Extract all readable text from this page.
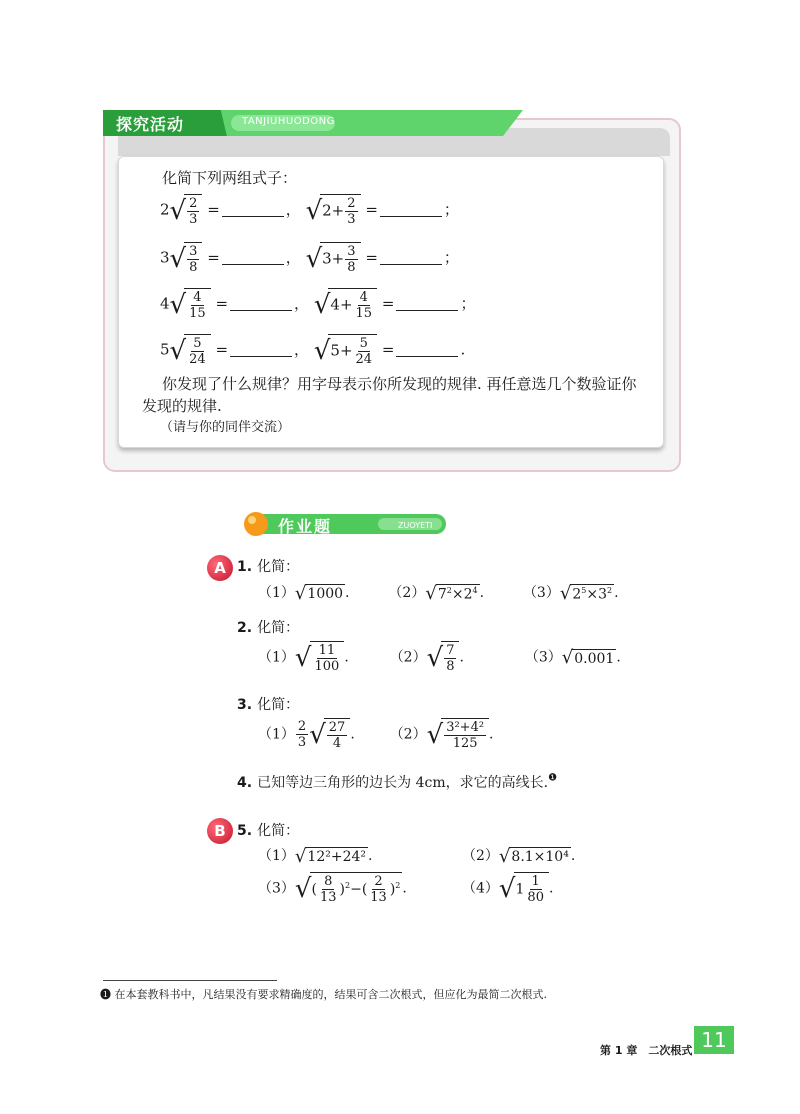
探究活动	TANJIUHUODONG
化简下列两组式子：
$2√ \frac{2}{3}$ =	， $√2+ \frac{2}{3}$ =	；
$3√ \frac{3}{8}$ =	， $√3+ \frac{3}{8}$ =	；
$4√ \frac{4}{15}$ =	， $√4+ \frac{4}{15}$ =	；
$5√ \frac{5}{24}$ =	， $√5+ \frac{5}{24}$ =	.
你发现了什么规律？用字母表示你所发现的规律. 再任意选几个数验证你
发现的规律.
（请与你的同伴交流）
作业题	ZUOYETI
A 1. 化简：
（1）√1000 .	$(2)√7^2\times 2^4$ .	$(3)√2^5\times 3^2$ .
2. 化简：
$(1)√ \frac{11}{100}$ .	$(2)√ \frac{7}{8}$ .	（3）√0.001 .
3. 化简：
$(1) \frac{2}{3}$ √ $\frac{27}{4}$ . $(2)√ \frac{\text{3²+4²}}{125}$ .
4. 已知等边三角形的边长为 4cm，求它的高线长.$^❶$
B 5. 化简：
（1）√12²+24² .	（2）√8.1×10⁴ .
$(3)√( \frac{8}{13} )^2-( \frac{2}{13} )^2$ .	$(4)√1 \frac{1}{80}$ .
❶ 在本套教科书中，凡结果没有要求精确度的，结果可含二次根式，但应化为最简二次根式.
第 1 章　二次根式 11
